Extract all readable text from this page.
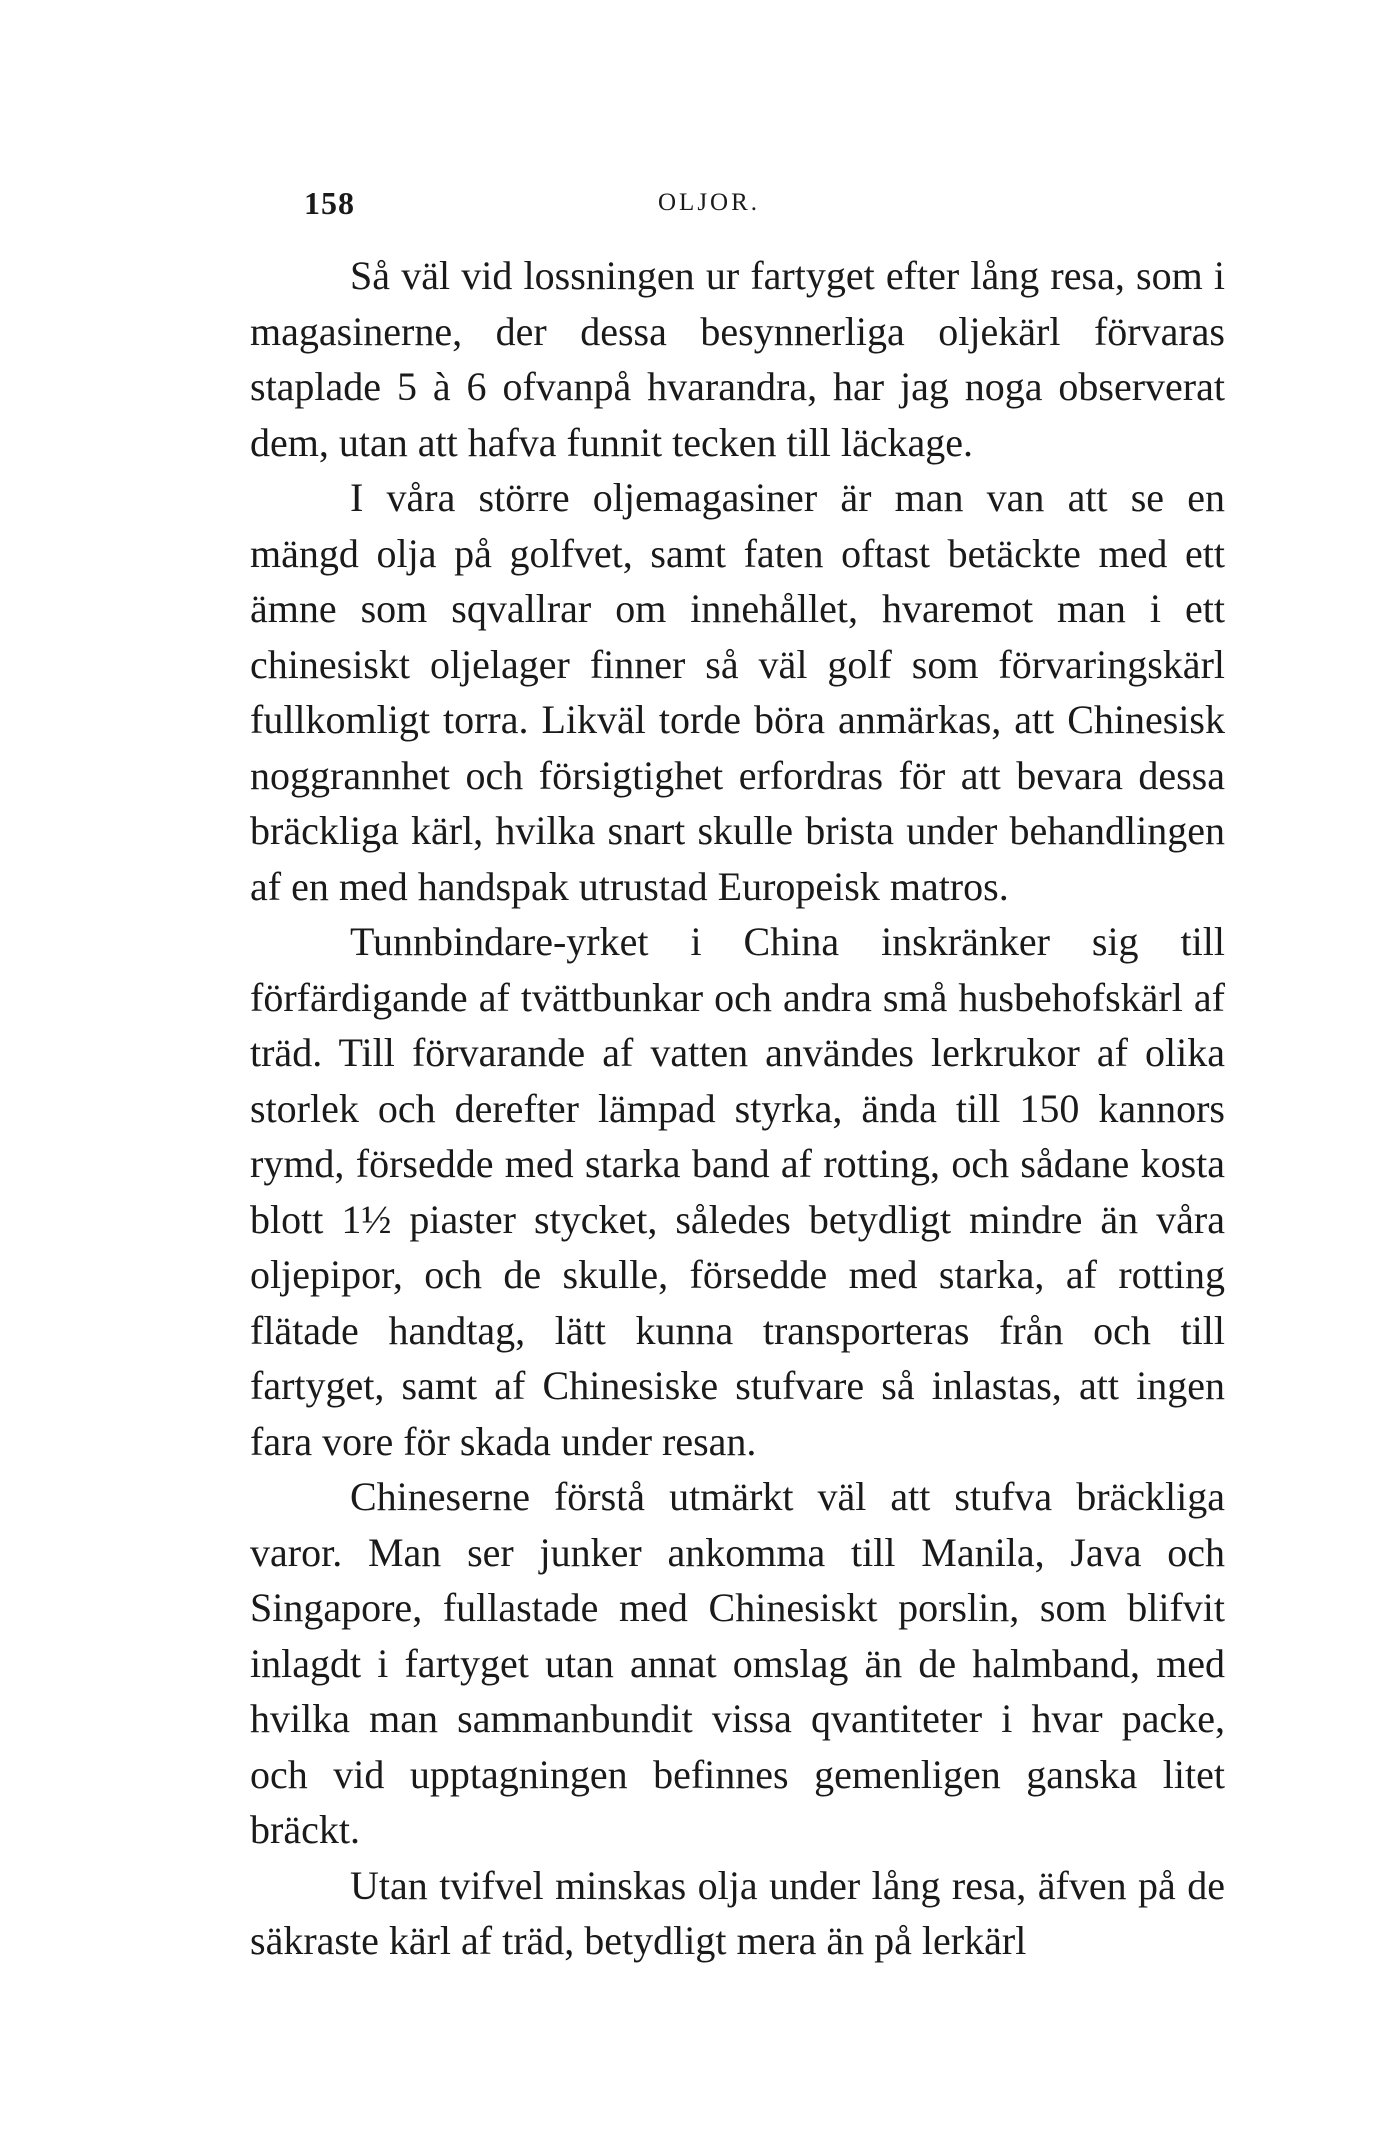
158	OLJOR.

Så väl vid lossningen ur fartyget efter lång resa, som i magasinerne, der dessa besynnerliga oljekärl förvaras staplade 5 à 6 ofvanpå hvarandra, har jag noga observerat dem, utan att hafva funnit tecken till läckage.

I våra större oljemagasiner är man van att se en mängd olja på golfvet, samt faten oftast betäckte med ett ämne som sqvallrar om innehållet, hvaremot man i ett chinesiskt oljelager finner så väl golf som förvaringskärl fullkomligt torra. Likväl torde böra anmärkas, att Chinesisk noggrannhet och försigtighet erfordras för att bevara dessa bräckliga kärl, hvilka snart skulle brista under behandlingen af en med handspak utrustad Europeisk matros.

Tunnbindare-yrket i China inskränker sig till förfärdigande af tvättbunkar och andra små husbehofskärl af träd. Till förvarande af vatten användes lerkrukor af olika storlek och derefter lämpad styrka, ända till 150 kannors rymd, försedde med starka band af rotting, och sådane kosta blott 1½ piaster stycket, således betydligt mindre än våra oljepipor, och de skulle, försedde med starka, af rotting flätade handtag, lätt kunna transporteras från och till fartyget, samt af Chinesiske stufvare så inlastas, att ingen fara vore för skada under resan.

Chineserne förstå utmärkt väl att stufva bräckliga varor. Man ser junker ankomma till Manila, Java och Singapore, fullastade med Chinesiskt porslin, som blifvit inlagdt i fartyget utan annat omslag än de halmband, med hvilka man sammanbundit vissa qvantiteter i hvar packe, och vid upptagningen befinnes gemenligen ganska litet bräckt.

Utan tvifvel minskas olja under lång resa, äfven på de säkraste kärl af träd, betydligt mera än på lerkärl
